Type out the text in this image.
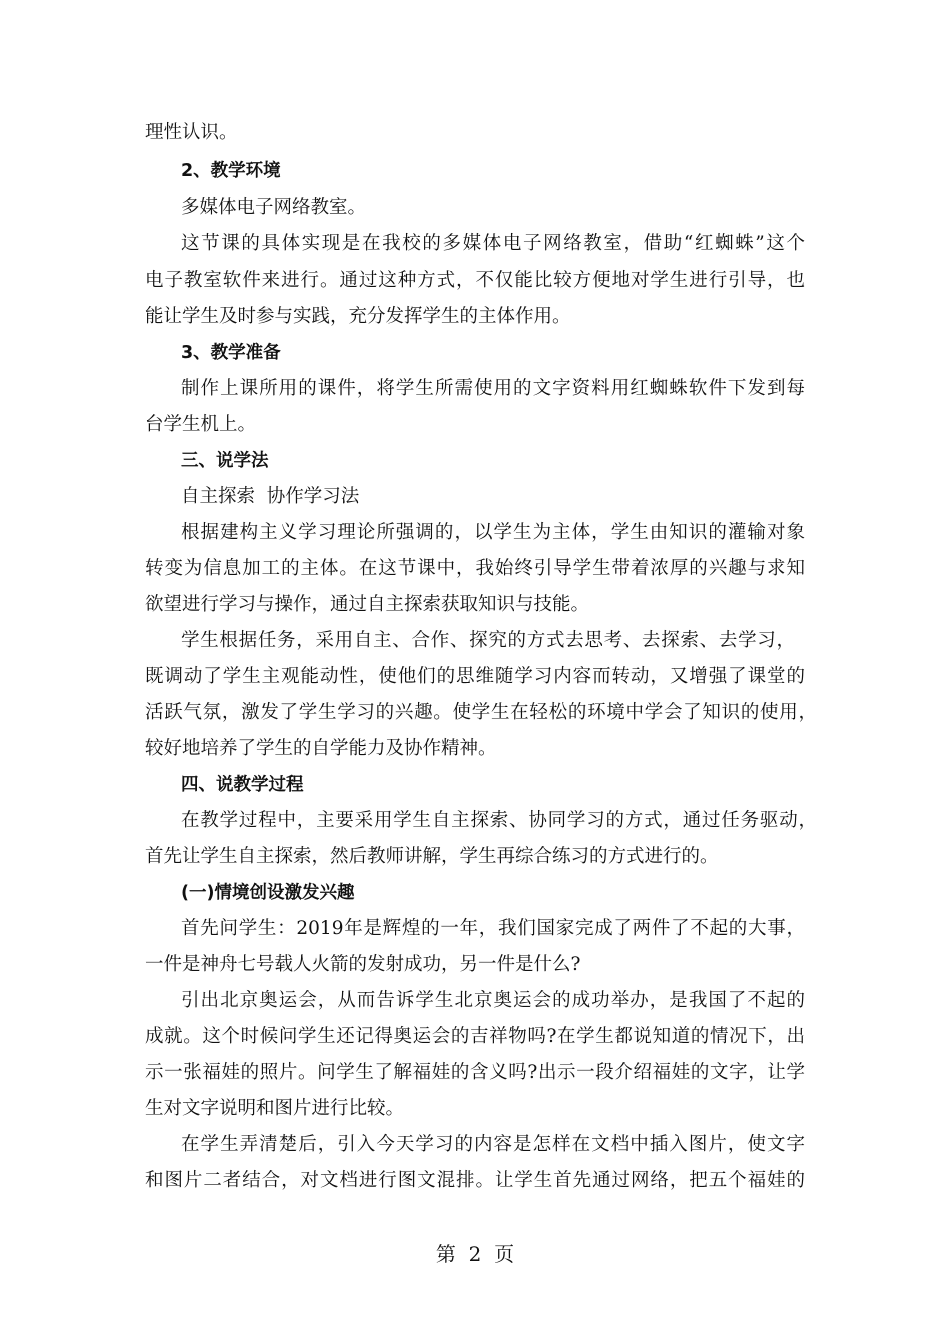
理性认识。
2、教学环境
多媒体电子网络教室。
这节课的具体实现是在我校的多媒体电子网络教室，借助“红蜘蛛”这个
电子教室软件来进行。通过这种方式，不仅能比较方便地对学生进行引导，也
能让学生及时参与实践，充分发挥学生的主体作用。
3、教学准备
制作上课所用的课件，将学生所需使用的文字资料用红蜘蛛软件下发到每
台学生机上。
三、说学法
自主探索  协作学习法
根据建构主义学习理论所强调的，以学生为主体，学生由知识的灌输对象
转变为信息加工的主体。在这节课中，我始终引导学生带着浓厚的兴趣与求知
欲望进行学习与操作，通过自主探索获取知识与技能。
学生根据任务，采用自主、合作、探究的方式去思考、去探索、去学习，
既调动了学生主观能动性，使他们的思维随学习内容而转动，又增强了课堂的
活跃气氛，激发了学生学习的兴趣。使学生在轻松的环境中学会了知识的使用，
较好地培养了学生的自学能力及协作精神。
四、说教学过程
在教学过程中，主要采用学生自主探索、协同学习的方式，通过任务驱动，
首先让学生自主探索，然后教师讲解，学生再综合练习的方式进行的。
(一)情境创设激发兴趣
首先问学生：2019年是辉煌的一年，我们国家完成了两件了不起的大事，
一件是神舟七号载人火箭的发射成功，另一件是什么?
引出北京奥运会，从而告诉学生北京奥运会的成功举办，是我国了不起的
成就。这个时候问学生还记得奥运会的吉祥物吗?在学生都说知道的情况下，出
示一张福娃的照片。问学生了解福娃的含义吗?出示一段介绍福娃的文字，让学
生对文字说明和图片进行比较。
在学生弄清楚后，引入今天学习的内容是怎样在文档中插入图片，使文字
和图片二者结合，对文档进行图文混排。让学生首先通过网络，把五个福娃的
第  2  页
